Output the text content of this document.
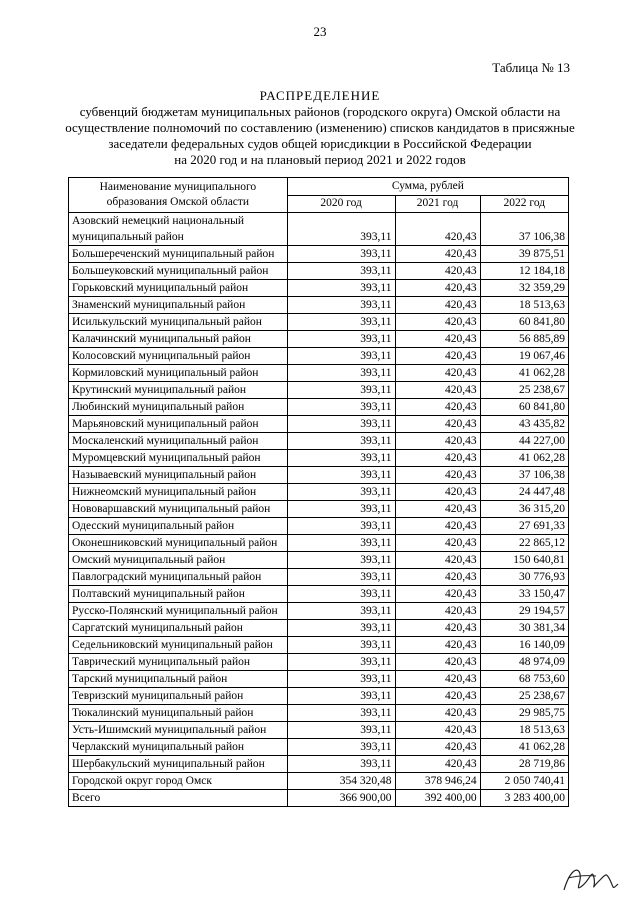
23
Таблица № 13
РАСПРЕДЕЛЕНИЕ
субвенций бюджетам муниципальных районов (городского округа) Омской области на
осуществление полномочий по составлению (изменению) списков кандидатов в присяжные
заседатели федеральных судов общей юрисдикции в Российской Федерации
на 2020 год и на плановый период 2021 и 2022 годов
Наименование муниципального образования Омской области	Сумма, рублей		
	2020 год	2021 год	2022 год
Азовский немецкий национальный муниципальный район	393,11	420,43	37 106,38
Большереченский муниципальный район	393,11	420,43	39 875,51
Большеуковский муниципальный район	393,11	420,43	12 184,18
Горьковский муниципальный район	393,11	420,43	32 359,29
Знаменский муниципальный район	393,11	420,43	18 513,63
Исилькульский муниципальный район	393,11	420,43	60 841,80
Калачинский муниципальный район	393,11	420,43	56 885,89
Колосовский муниципальный район	393,11	420,43	19 067,46
Кормиловский муниципальный район	393,11	420,43	41 062,28
Крутинский муниципальный район	393,11	420,43	25 238,67
Любинский муниципальный район	393,11	420,43	60 841,80
Марьяновский муниципальный район	393,11	420,43	43 435,82
Москаленский муниципальный район	393,11	420,43	44 227,00
Муромцевский муниципальный район	393,11	420,43	41 062,28
Называевский муниципальный район	393,11	420,43	37 106,38
Нижнеомский муниципальный район	393,11	420,43	24 447,48
Нововаршавский муниципальный район	393,11	420,43	36 315,20
Одесский муниципальный район	393,11	420,43	27 691,33
Оконешниковский муниципальный район	393,11	420,43	22 865,12
Омский муниципальный район	393,11	420,43	150 640,81
Павлоградский муниципальный район	393,11	420,43	30 776,93
Полтавский муниципальный район	393,11	420,43	33 150,47
Русско-Полянский муниципальный район	393,11	420,43	29 194,57
Саргатский муниципальный район	393,11	420,43	30 381,34
Седельниковский муниципальный район	393,11	420,43	16 140,09
Таврический муниципальный район	393,11	420,43	48 974,09
Тарский муниципальный район	393,11	420,43	68 753,60
Тевризский муниципальный район	393,11	420,43	25 238,67
Тюкалинский муниципальный район	393,11	420,43	29 985,75
Усть-Ишимский муниципальный район	393,11	420,43	18 513,63
Черлакский муниципальный район	393,11	420,43	41 062,28
Шербакульский муниципальный район	393,11	420,43	28 719,86
Городской округ город Омск	354 320,48	378 946,24	2 050 740,41
Всего	366 900,00	392 400,00	3 283 400,00
